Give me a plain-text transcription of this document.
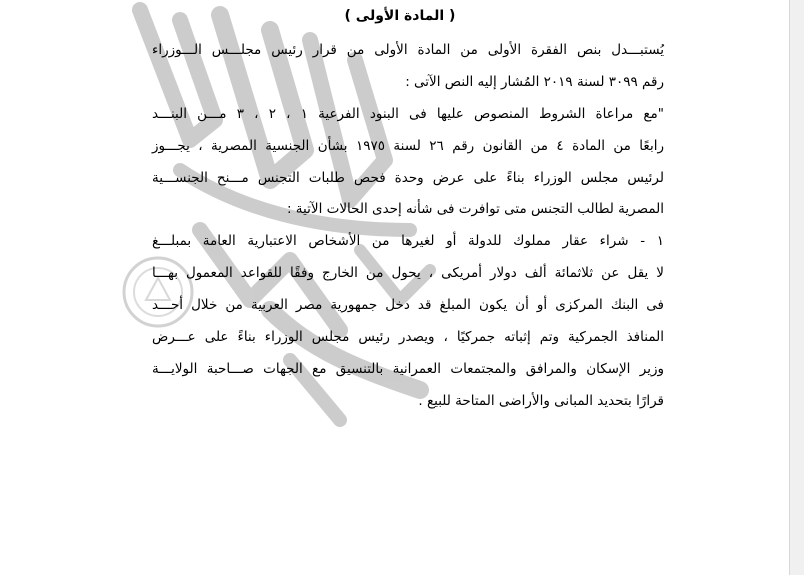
( المادة الأولى )
يُستبـــدل بنص الفقرة الأولى من المادة الأولى من قرار رئيس مجلـــس الـــوزراء
رقم ٣٠٩٩ لسنة ٢٠١٩ المُشار إليه النص الآتى :
"مع مراعاة الشروط المنصوص عليها فى البنود الفرعية ١ ، ٢ ، ٣ مـــن البنـــد
رابعًا من المادة ٤ من القانون رقم ٢٦ لسنة ١٩٧٥ بشأن الجنسية المصرية ، يجـــوز
لرئيس مجلس الوزراء بناءً على عرض وحدة فحص طلبات التجنس مـــنح الجنســـية
المصرية لطالب التجنس متى توافرت فى شأنه إحدى الحالات الآتية :
١ - شراء عقار مملوك للدولة أو لغيرها من الأشخاص الاعتبارية العامة بمبلـــغ
لا يقل عن ثلاثمائة ألف دولار أمريكى ، يحول من الخارج وفقًا للقواعد المعمول بهـــا
فى البنك المركزى أو أن يكون المبلغ قد دخل جمهورية مصر العربية من خلال أحـــد
المنافذ الجمركية وتم إثباته جمركيًا ، ويصدر رئيس مجلس الوزراء بناءً على عـــرض
وزير الإسكان والمرافق والمجتمعات العمرانية بالتنسيق مع الجهات صـــاحبة الولايـــة
قرارًا بتحديد المبانى والأراضى المتاحة للبيع .
